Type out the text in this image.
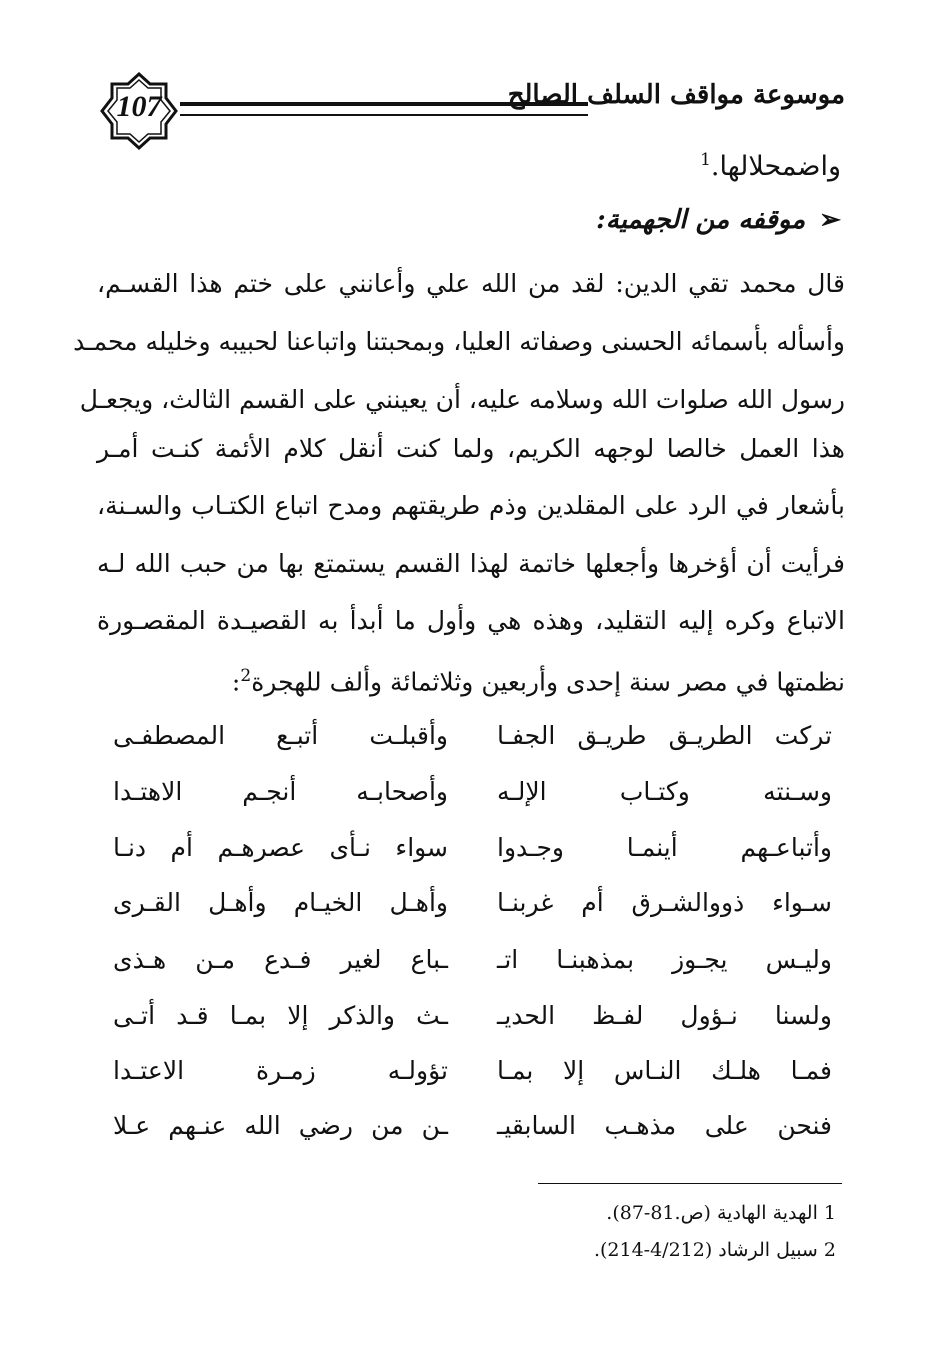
107	موسوعة مواقف السلف الصالح
واضمحلالها.$^1$
➢موقفه من الجهمية:
قال محمد تقي الدين: لقد من الله علي وأعانني على ختم هذا القسـم،
وأسأله بأسمائه الحسنى وصفاته العليا، وبمحبتنا واتباعنا لحبيبه وخليله محمـد
رسول الله صلوات الله وسلامه عليه، أن يعينني على القسم الثالث، ويجعـل
هذا العمل خالصا لوجهه الكريم، ولما كنت أنقل كلام الأئمة كنـت أمـر
بأشعار في الرد على المقلدين وذم طريقتهم ومدح اتباع الكتـاب والسـنة،
فرأيت أن أؤخرها وأجعلها خاتمة لهذا القسم يستمتع بها من حبب الله لـه
الاتباع وكره إليه التقليد، وهذه هي وأول ما أبدأ به القصيـدة المقصـورة
نظمتها في مصر سنة إحدى وأربعين وثلاثمائة وألف للهجرة$^2$:
تركت الطريـق طريـق الجفـا
وأقبلـت أتبـع المصطفـى
وسـنته وكتـاب الإلـه
وأصحابـه أنجـم الاهتـدا
وأتباعـهم أينمـا وجـدوا
سواء نـأى عصرهـم أم دنـا
سـواء ذووالشـرق أم غربنـا
وأهـل الخيـام وأهـل القـرى
وليـس يجـوز بمذهبنـا اتـ
ـباع لغير فـدع مـن هـذى
ولسنا نـؤول لفـظ الحديـ
ـث والذكر إلا بمـا قـد أتـى
فمـا هلـك النـاس إلا بمـا
تؤولـه زمـرة الاعتـدا
فنحن على مذهـب السابقيـ
ـن من رضي الله عنـهم عـلا
1 الهدية الهادية (ص.81-87).
2 سبيل الرشاد (4/212-214).
